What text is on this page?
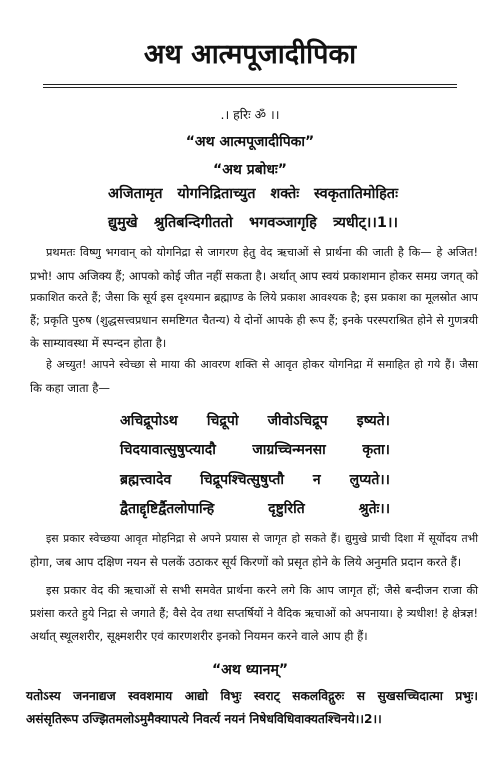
अथ आत्मपूजादीपिका
.। हरिः ॐ ।।
“अथ आत्मपूजादीपिका”
“अथ प्रबोधः”
अजितामृत योगनिद्रिताच्युत शक्तेः स्वकृतातिमोहितः
द्युमुखे श्रुतिबन्दिगीततो भगवञ्जागृहि त्र्यधीट्।।1।।
प्रथमतः विष्णु भगवान् को योगनिद्रा से जागरण हेतु वेद ऋचाओं से प्रार्थना की जाती है कि— हे अजित!
प्रभो! आप अजिक्य हैं; आपको कोई जीत नहीं सकता है। अर्थात् आप स्वयं प्रकाशमान होकर समग्र जगत् को
प्रकाशित करते हैं; जैसा कि सूर्य इस दृश्यमान ब्रह्माण्ड के लिये प्रकाश आवश्यक है; इस प्रकाश का मूलस्रोत आप
हैं; प्रकृति पुरुष (शुद्धसत्त्वप्रधान समष्टिगत चैतन्य) ये दोनों आपके ही रूप हैं; इनके परस्पराश्रित होने से गुणत्रयी
के साम्यावस्था में स्पन्दन होता है।
हे अच्युत! आपने स्वेच्छा से माया की आवरण शक्ति से आवृत होकर योगनिद्रा में समाहित हो गये हैं। जैसा
कि कहा जाता है—
अचिद्रूपोऽथ चिद्रूपो जीवोऽचिद्रूप इष्यते।
चिदयावात्सुषुप्त्यादौ जाग्रच्चिन्मनसा कृता।
ब्रह्मत्त्वादेव चिद्रूपश्चित्सुषुप्तौ न लुप्यते।।
द्वैताद्दृष्टिर्द्वैतलोपान्हि दृष्टुरिति श्रुतेः।।
इस प्रकार स्वेच्छया आवृत मोहनिद्रा से अपने प्रयास से जागृत हो सकते हैं। द्युमुखे प्राची दिशा में सूर्योदय तभी
होगा, जब आप दक्षिण नयन से पलकें उठाकर सूर्य किरणों को प्रसृत होने के लिये अनुमति प्रदान करते हैं।
इस प्रकार वेद की ऋचाओं से सभी समवेत प्रार्थना करने लगे कि आप जागृत हों; जैसे बन्दीजन राजा की
प्रशंसा करते हुये निद्रा से जगाते हैं; वैसे देव तथा सप्तर्षियों ने वैदिक ऋचाओं को अपनाया। हे त्र्यधीश! हे क्षेत्रज्ञ!
अर्थात् स्थूलशरीर, सूक्ष्मशरीर एवं कारणशरीर इनको नियमन करने वाले आप ही हैं।
“अथ ध्यानम्”
यतोऽस्य जननाद्यज स्ववशमाय आद्यो विभुः स्वराट् सकलविद्गुरुः स सुखसच्चिदात्मा प्रभुः।
असंसृतिरूप उज्झितमलोऽमुमैक्यापत्ये निवर्त्य नयनं निषेधविधिवाक्यतश्चिनये।।2।।
